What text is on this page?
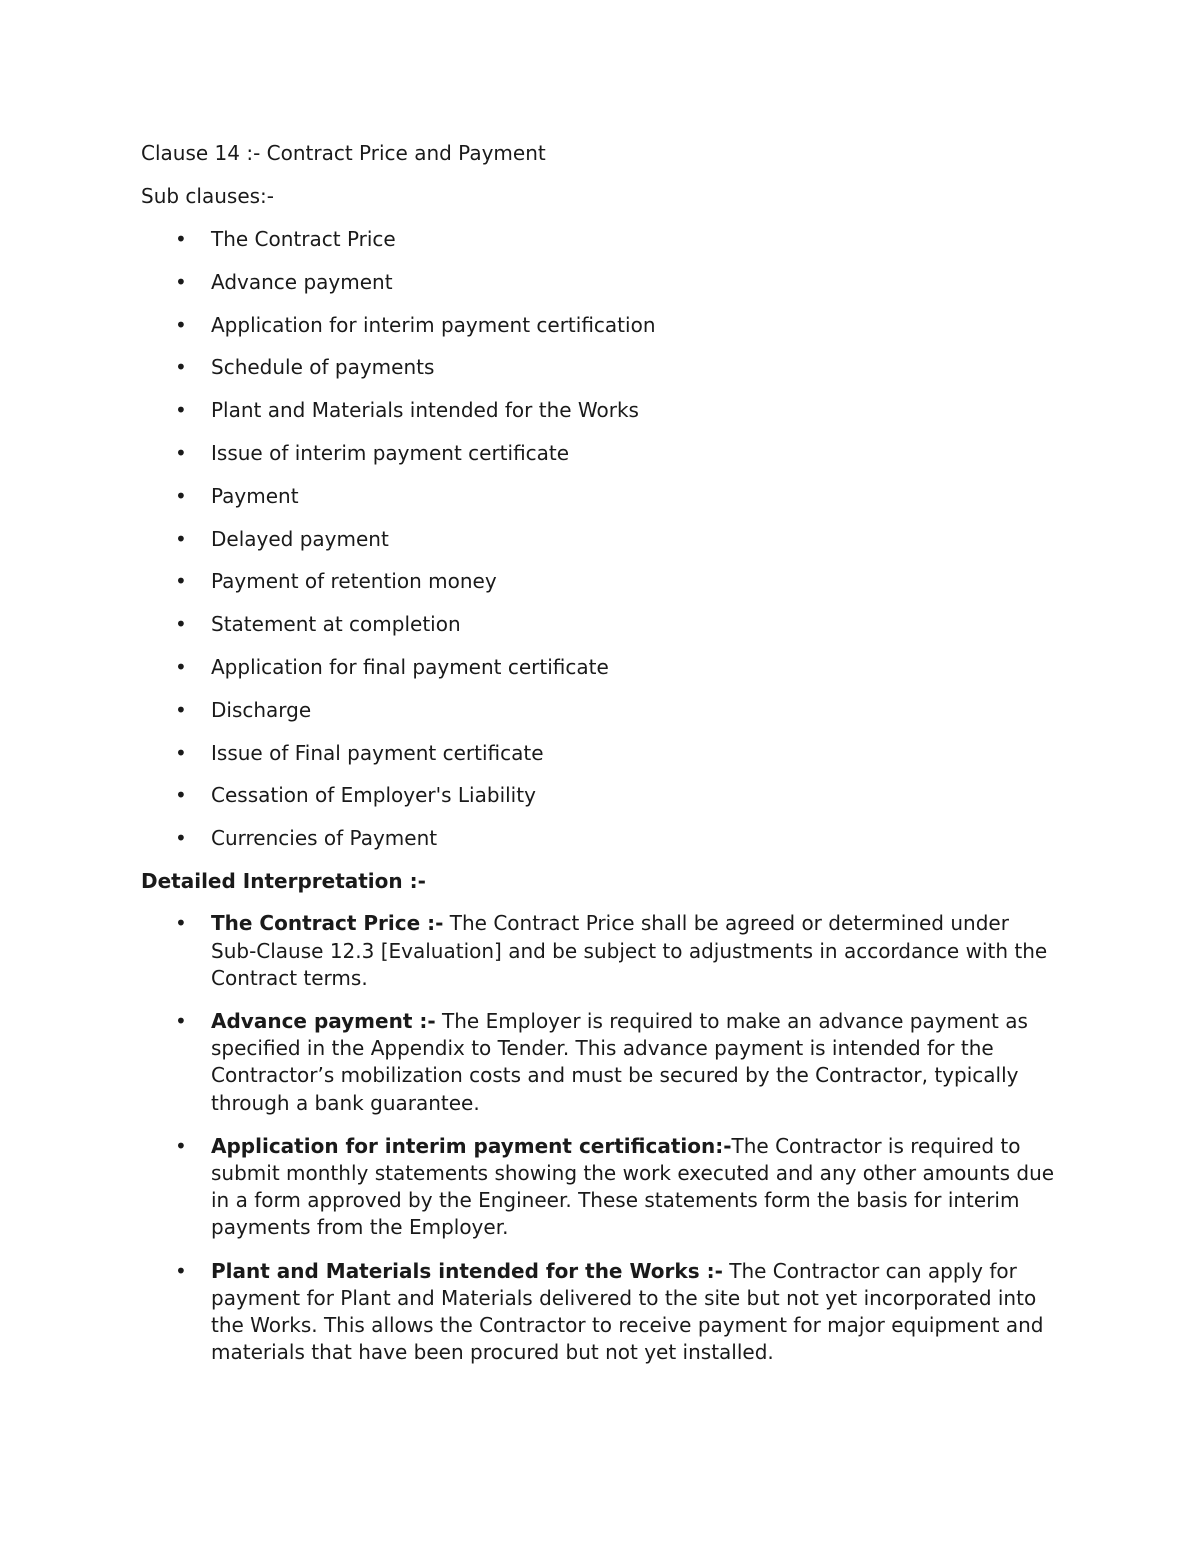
Clause 14 :- Contract Price and Payment

Sub clauses:-

• The Contract Price
• Advance payment
• Application for interim payment certification
• Schedule of payments
• Plant and Materials intended for the Works
• Issue of interim payment certificate
• Payment
• Delayed payment
• Payment of retention money
• Statement at completion
• Application for final payment certificate
• Discharge
• Issue of Final payment certificate
• Cessation of Employer's Liability
• Currencies of Payment

Detailed Interpretation :-

• The Contract Price :- The Contract Price shall be agreed or determined under Sub-Clause 12.3 [Evaluation] and be subject to adjustments in accordance with the Contract terms.
• Advance payment :- The Employer is required to make an advance payment as specified in the Appendix to Tender. This advance payment is intended for the Contractor’s mobilization costs and must be secured by the Contractor, typically through a bank guarantee.
• Application for interim payment certification:-The Contractor is required to submit monthly statements showing the work executed and any other amounts due in a form approved by the Engineer. These statements form the basis for interim payments from the Employer.
• Plant and Materials intended for the Works :- The Contractor can apply for payment for Plant and Materials delivered to the site but not yet incorporated into the Works. This allows the Contractor to receive payment for major equipment and materials that have been procured but not yet installed.
